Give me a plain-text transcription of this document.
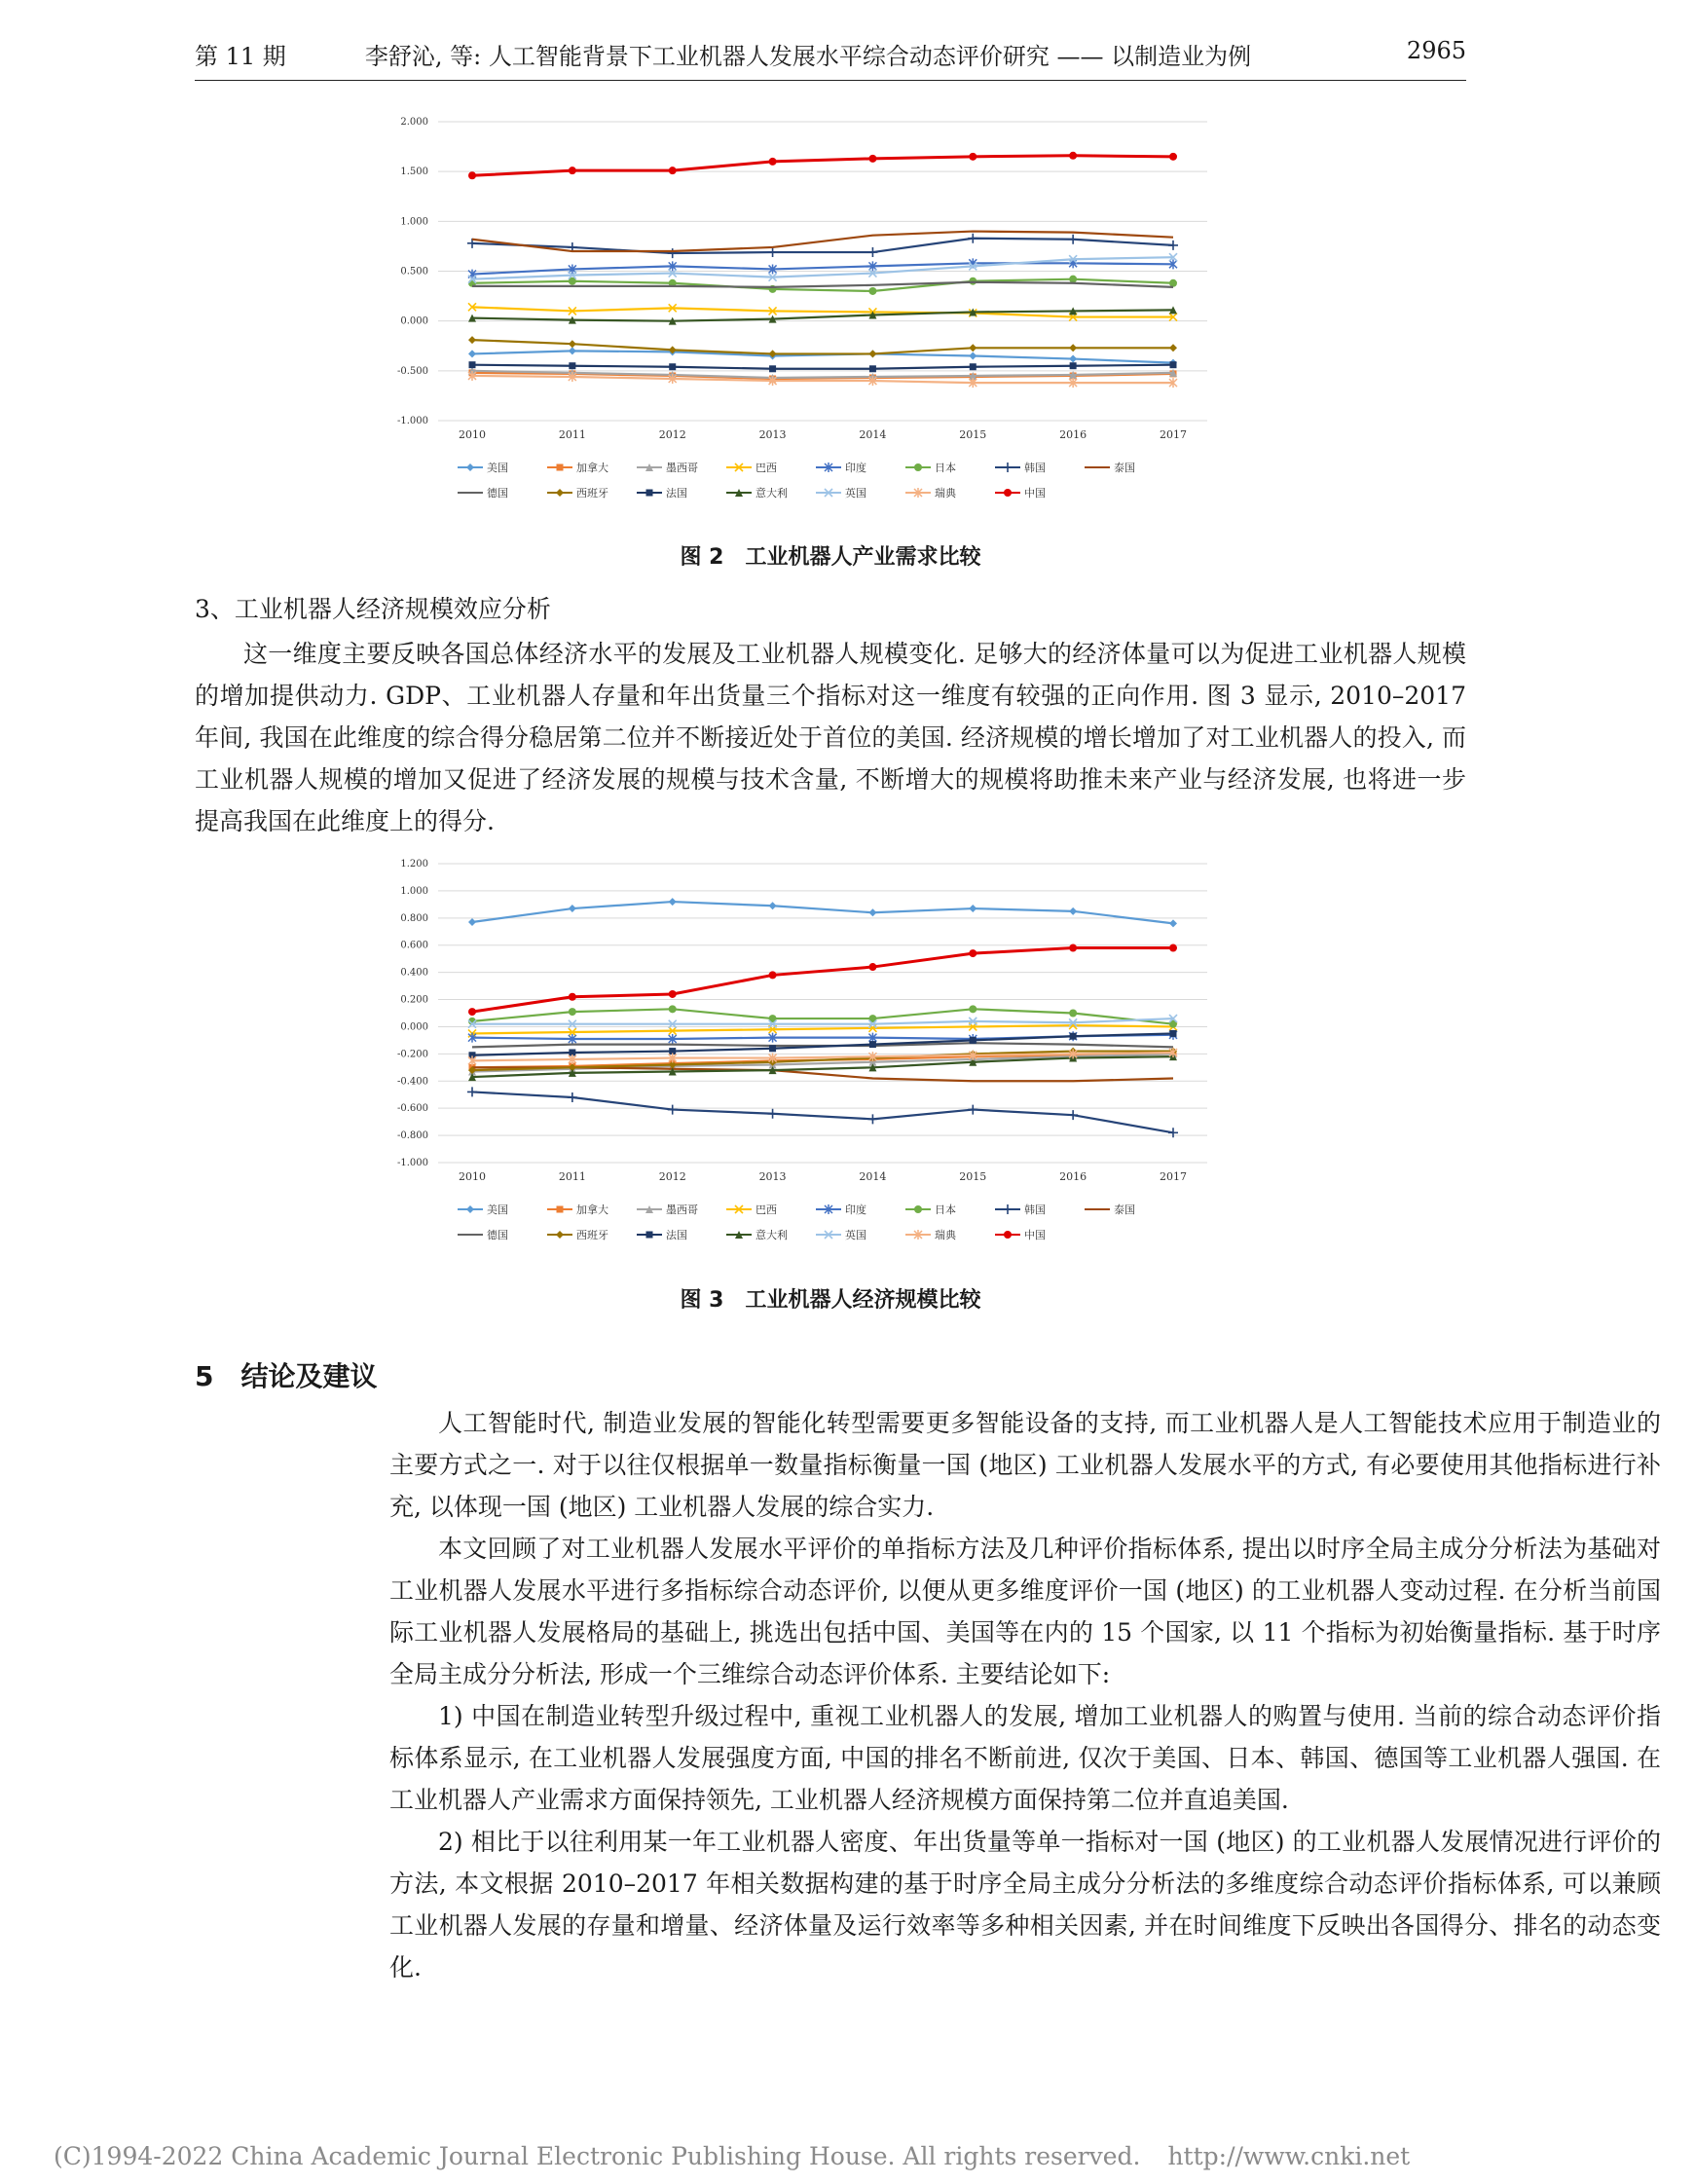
第 11 期	李舒沁, 等: 人工智能背景下工业机器人发展水平综合动态评价研究 —— 以制造业为例	2965
2.000
1.500
1.000
0.500
0.000
-0.500
-1.000
2010	2011	2012	2013	2014	2015	2016	2017
美国	加拿大	墨西哥	巴西	印度	日本	韩国	泰国
德国	西班牙	法国	意大利	英国	瑞典	中国
图 2　工业机器人产业需求比较
3、工业机器人经济规模效应分析

这一维度主要反映各国总体经济水平的发展及工业机器人规模变化. 足够大的经济体量可以为促进工业机器人规模的增加提供动力. GDP、工业机器人存量和年出货量三个指标对这一维度有较强的正向作用. 图 3 显示, 2010–2017 年间, 我国在此维度的综合得分稳居第二位并不断接近处于首位的美国. 经济规模的增长增加了对工业机器人的投入, 而工业机器人规模的增加又促进了经济发展的规模与技术含量, 不断增大的规模将助推未来产业与经济发展, 也将进一步提高我国在此维度上的得分.

1.200
1.000
0.800
0.600
0.400
0.200
0.000
-0.200
-0.400
-0.600
-0.800
-1.000
2010	2011	2012	2013	2014	2015	2016	2017
美国	加拿大	墨西哥	巴西	印度	日本	韩国	泰国
德国	西班牙	法国	意大利	英国	瑞典	中国
图 3　工业机器人经济规模比较
5　结论及建议

人工智能时代, 制造业发展的智能化转型需要更多智能设备的支持, 而工业机器人是人工智能技术应用于制造业的主要方式之一. 对于以往仅根据单一数量指标衡量一国 (地区) 工业机器人发展水平的方式, 有必要使用其他指标进行补充, 以体现一国 (地区) 工业机器人发展的综合实力.

本文回顾了对工业机器人发展水平评价的单指标方法及几种评价指标体系, 提出以时序全局主成分分析法为基础对工业机器人发展水平进行多指标综合动态评价, 以便从更多维度评价一国 (地区) 的工业机器人变动过程. 在分析当前国际工业机器人发展格局的基础上, 挑选出包括中国、美国等在内的 15 个国家, 以 11 个指标为初始衡量指标. 基于时序全局主成分分析法, 形成一个三维综合动态评价体系. 主要结论如下:

1) 中国在制造业转型升级过程中, 重视工业机器人的发展, 增加工业机器人的购置与使用. 当前的综合动态评价指标体系显示, 在工业机器人发展强度方面, 中国的排名不断前进, 仅次于美国、日本、韩国、德国等工业机器人强国. 在工业机器人产业需求方面保持领先, 工业机器人经济规模方面保持第二位并直追美国.

2) 相比于以往利用某一年工业机器人密度、年出货量等单一指标对一国 (地区) 的工业机器人发展情况进行评价的方法, 本文根据 2010–2017 年相关数据构建的基于时序全局主成分分析法的多维度综合动态评价指标体系, 可以兼顾工业机器人发展的存量和增量、经济体量及运行效率等多种相关因素, 并在时间维度下反映出各国得分、排名的动态变化.

(C)1994-2022 China Academic Journal Electronic Publishing House. All rights reserved. http://www.cnki.net
